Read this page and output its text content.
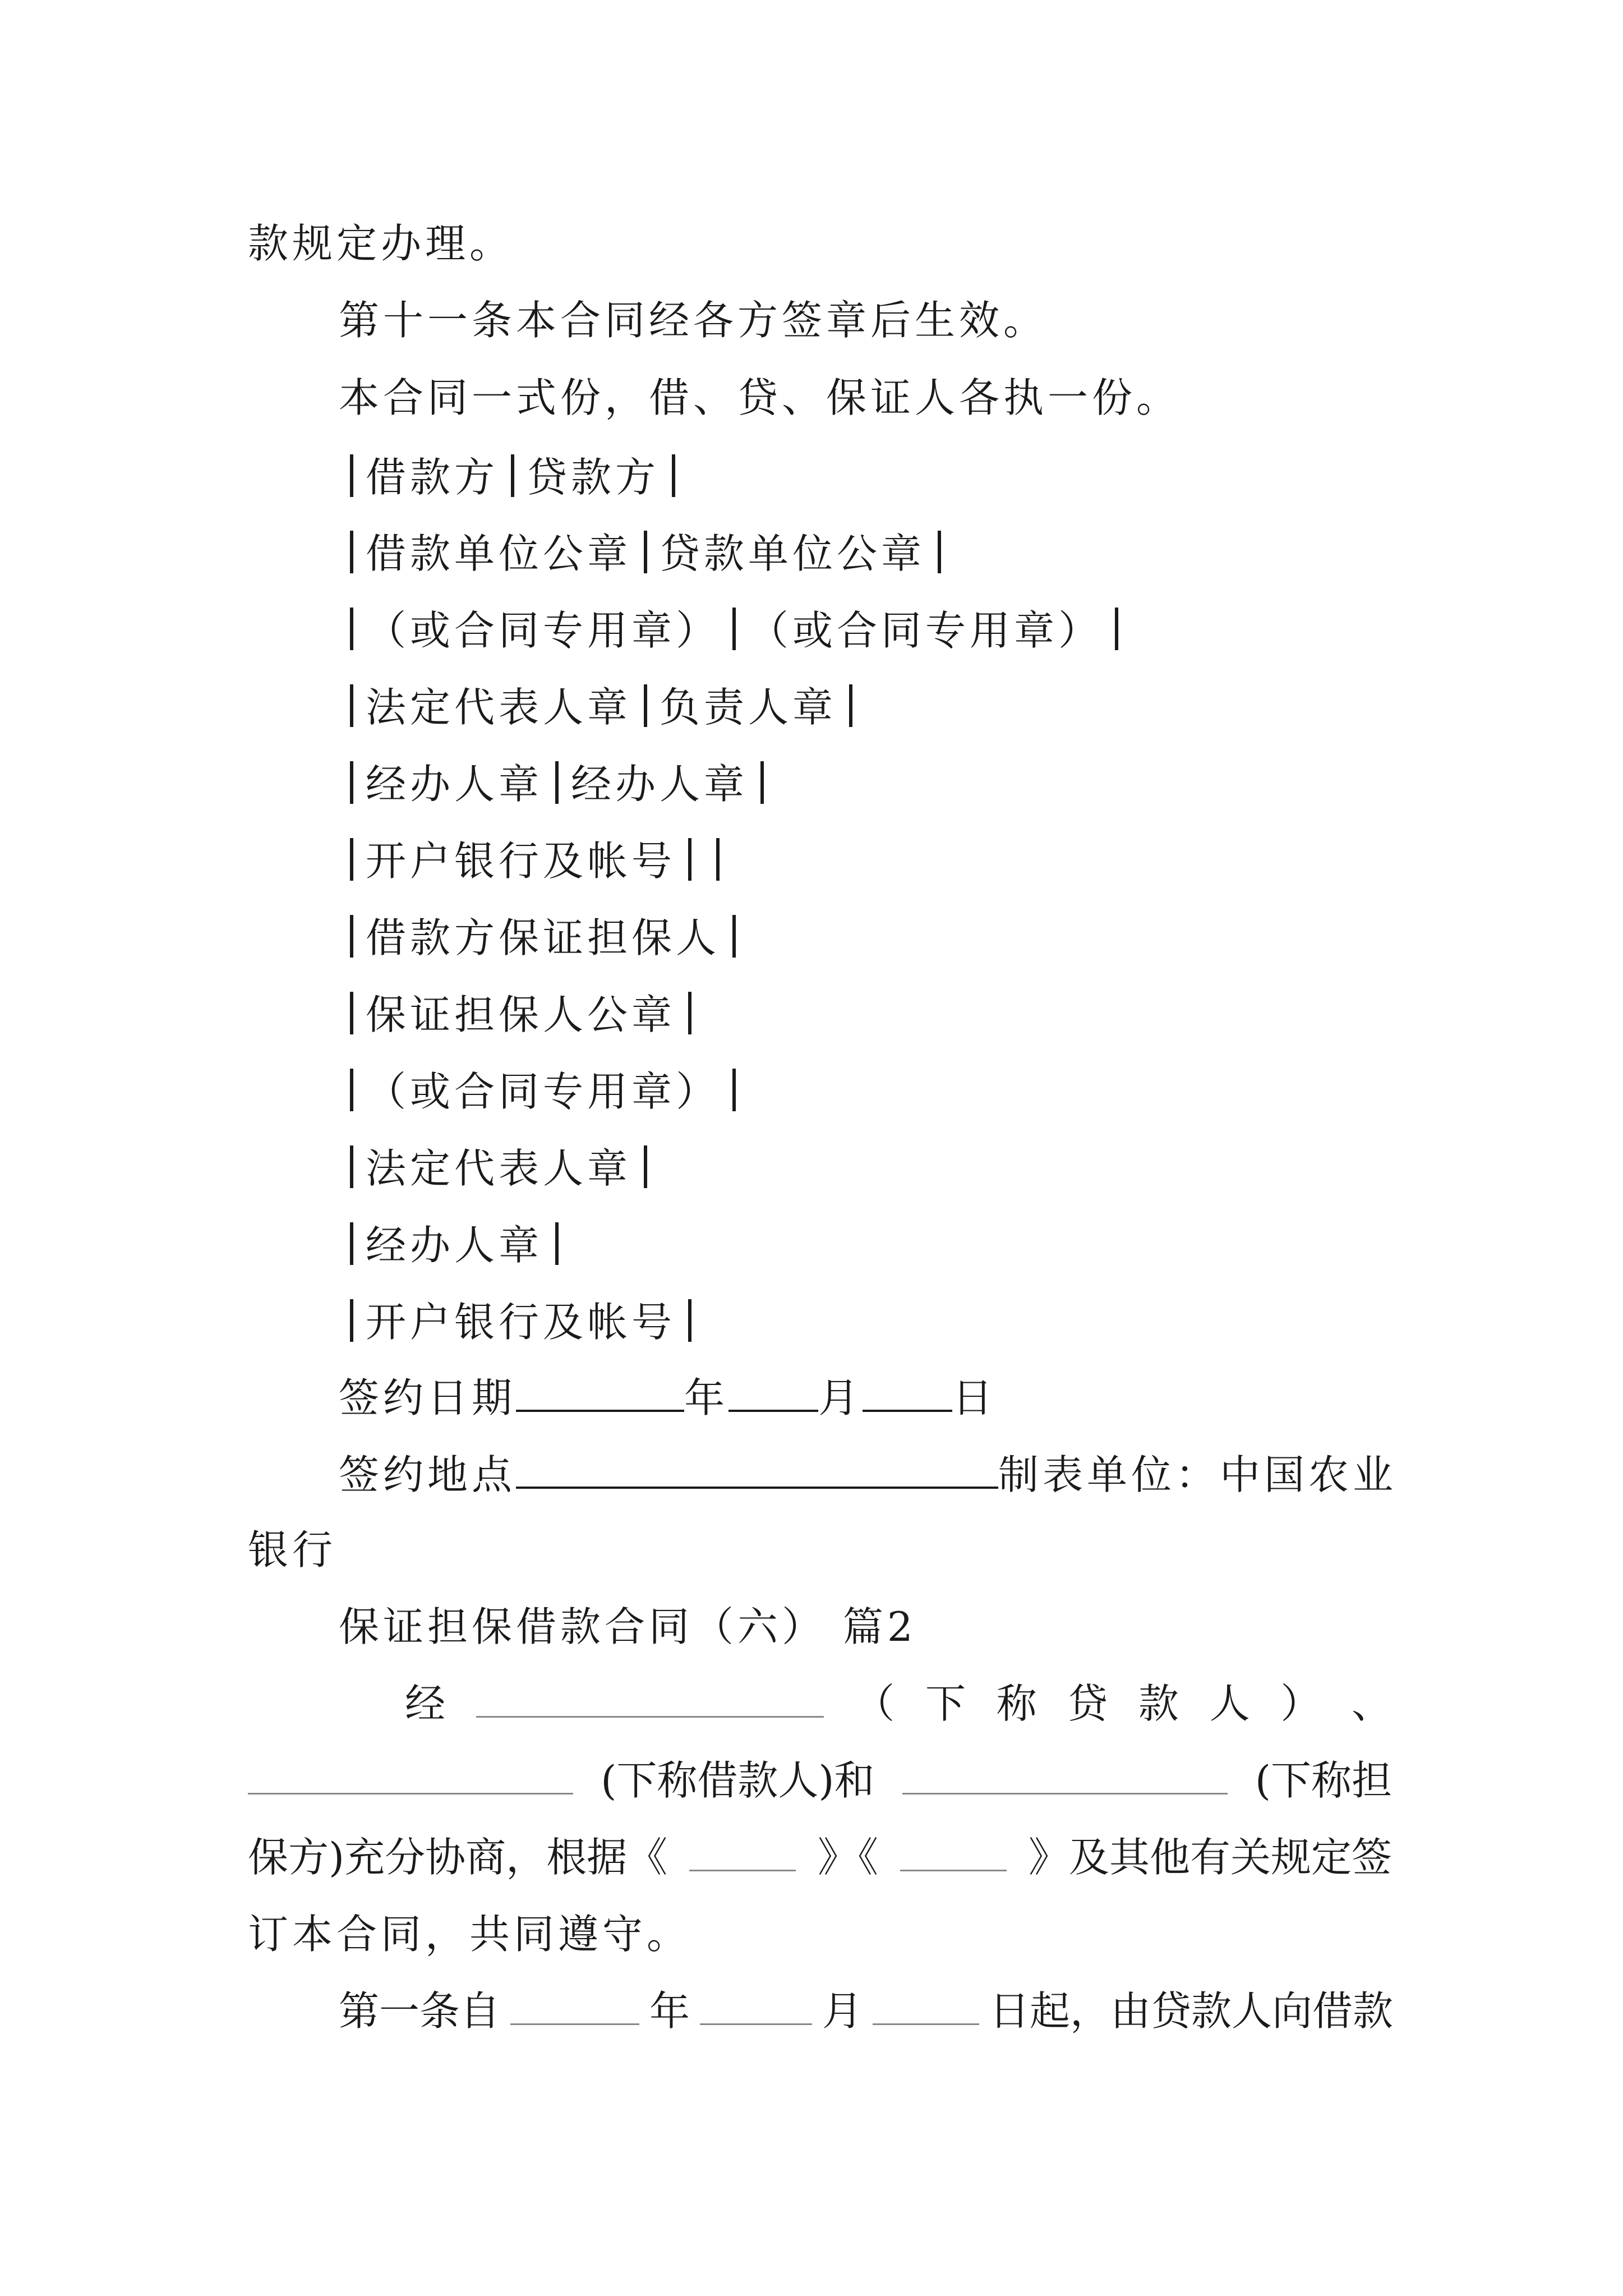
款规定办理。
第十一条本合同经各方签章后生效。
本合同一式份，借、贷、保证人各执一份。
借款方 贷款方
借款单位公章 贷款单位公章
（或合同专用章） （或合同专用章）
法定代表人章 负责人章
经办人章 经办人章
开户银行及帐号
借款方保证担保人
保证担保人公章
（或合同专用章）
法定代表人章
经办人章
开户银行及帐号
签约日期	年 月 日
签约地点	制表单位：中国农业
银行
保证担保借款合同（六） 篇2
经	（ 下 称 贷 款 人 ） 、
(下称借款人)和	(下称担
保方)充分协商，根据《	》《	》及其他有关规定签
订本合同，共同遵守。
第一条自	年	月	日起，由贷款人向借款
